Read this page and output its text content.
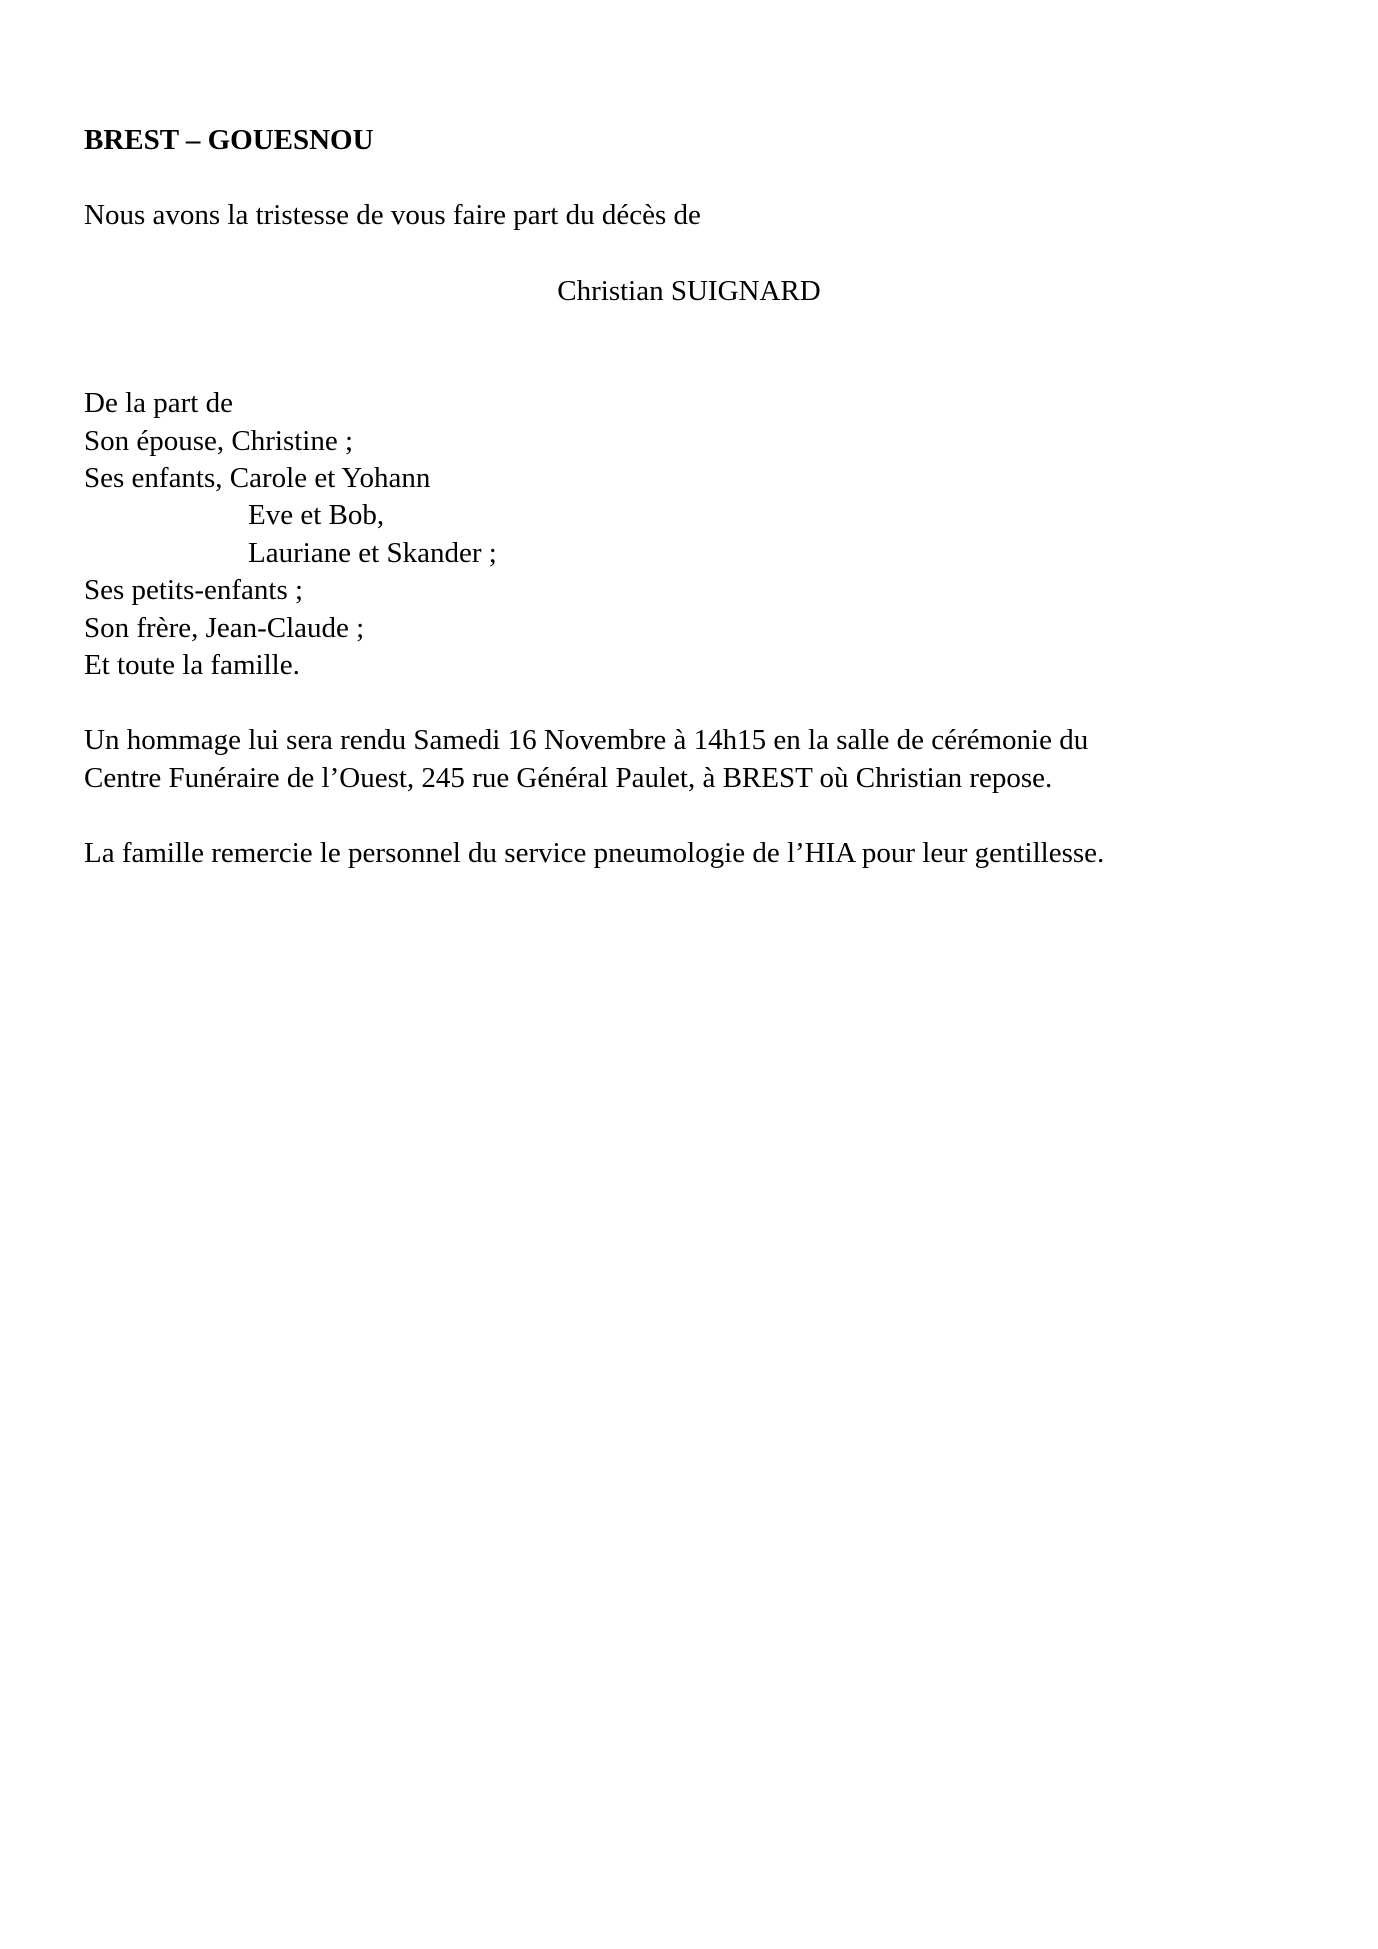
BREST – GOUESNOU
Nous avons la tristesse de vous faire part du décès de
Christian SUIGNARD
De la part de
Son épouse, Christine ;
Ses enfants, Carole et Yohann
Eve et Bob,
Lauriane et Skander ;
Ses petits-enfants ;
Son frère, Jean-Claude ;
Et toute la famille.
Un hommage lui sera rendu Samedi 16 Novembre à 14h15 en la salle de cérémonie du
Centre Funéraire de l’Ouest, 245 rue Général Paulet, à BREST où Christian repose.
La famille remercie le personnel du service pneumologie de l’HIA pour leur gentillesse.
